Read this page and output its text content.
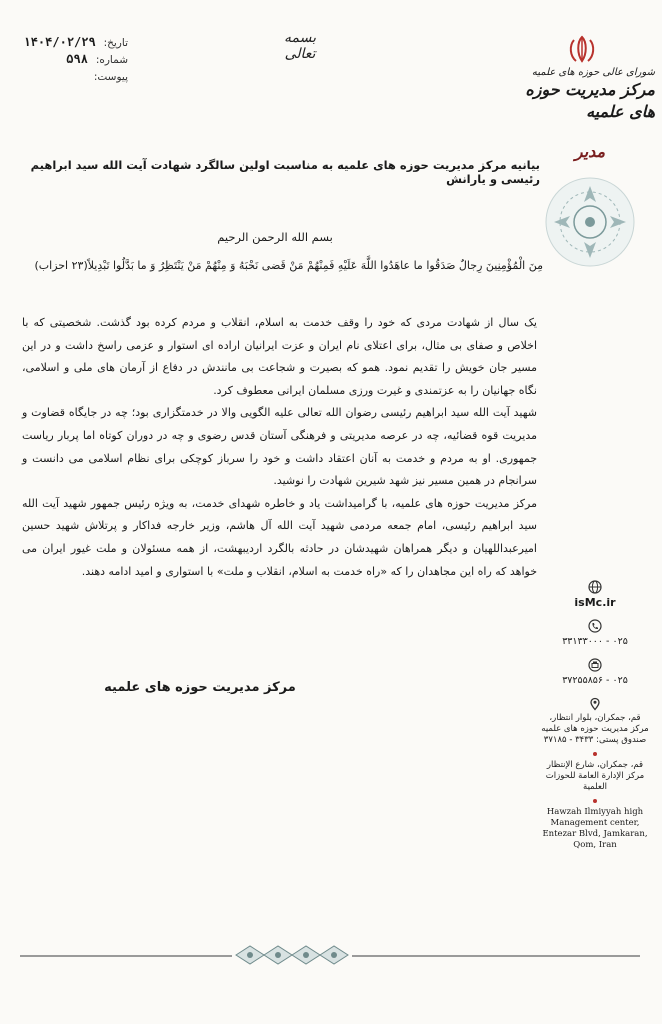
تاریخ: ۱۴۰۴/۰۲/۲۹
شماره: ۵۹۸
پیوست:
بسمه تعالی
شورای عالی حوزه های علمیه
مرکز مدیریت حوزه های علمیه
مدیر
بیانیه مرکز مدیریت حوزه های علمیه به مناسبت اولین سالگرد شهادت آیت الله سید ابراهیم رئیسی و یارانش
بسم الله الرحمن الرحیم
مِنَ الْمُؤْمِنِينَ رِجالٌ صَدَقُوا ما عاهَدُوا اللَّهَ عَلَيْهِ فَمِنْهُمْ مَنْ قَضى نَحْبَهُ وَ مِنْهُمْ مَنْ يَنْتَظِرُ وَ ما بَدَّلُوا تَبْدِيلاً(۲۳ احزاب)

یک سال از شهادت مردی که خود را وقف خدمت به اسلام، انقلاب و مردم کرده بود گذشت. شخصیتی که با اخلاص و صفای بی مثال، برای اعتلای نام ایران و عزت ایرانیان اراده ای استوار و عزمی راسخ داشت و در این مسیر جان خویش را تقدیم نمود. همو که بصیرت و شجاعت بی مانندش در دفاع از آرمان های ملی و اسلامی، نگاه جهانیان را به عزتمندی و غیرت ورزی مسلمان ایرانی معطوف کرد.

شهید آیت الله سید ابراهیم رئیسی رضوان الله تعالی علیه الگویی والا در خدمتگزاری بود؛ چه در جایگاه قضاوت و مدیریت قوه قضائیه، چه در عرصه مدیریتی و فرهنگی آستان قدس رضوی و چه در دوران کوتاه اما پربار ریاست جمهوری. او به مردم و خدمت به آنان اعتقاد داشت و خود را سرباز کوچکی برای نظام اسلامی می دانست و سرانجام در همین مسیر نیز شهد شیرین شهادت را نوشید.

مرکز مدیریت حوزه های علمیه، با گرامیداشت یاد و خاطره شهدای خدمت، به ویژه رئیس جمهور شهید آیت الله سید ابراهیم رئیسی، امام جمعه مردمی شهید آیت الله آل هاشم، وزیر خارجه فداکار و پرتلاش شهید حسین امیرعبداللهیان و دیگر همراهان شهیدشان در حادثه بالگرد اردیبهشت، از همه مسئولان و ملت غیور ایران می خواهد که راه این مجاهدان را که «راه خدمت به اسلام، انقلاب و ملت» با استواری و امید ادامه دهند.

مرکز مدیریت حوزه های علمیه
isMc.ir
۰۲۵ - ۳۳۱۳۳۰۰۰
۰۲۵ - ۳۷۲۵۵۸۵۶
قم، جمکران، بلوار انتظار، مرکز مدیریت حوزه های علمیه صندوق پستی: ۳۴۳۳ - ۳۷۱۸۵
قم، جمکران، شارع الإنتظار مرکز الإدارة العامة للحوزات العلمية
Hawzah Ilmiyyah high Management center, Entezar Blvd, Jamkaran, Qom, Iran
